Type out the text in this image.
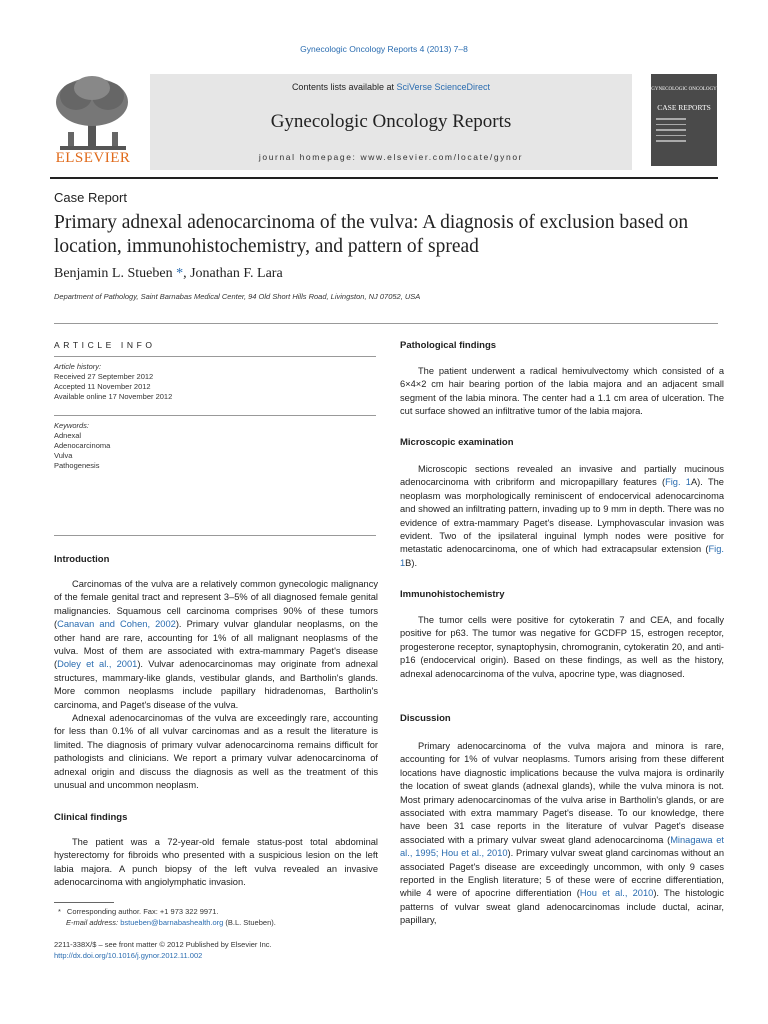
Gynecologic Oncology Reports 4 (2013) 7–8
ELSEVIER
Contents lists available at SciVerse ScienceDirect
Gynecologic Oncology Reports
journal homepage: www.elsevier.com/locate/gynor
GYNECOLOGIC ONCOLOGY
CASE REPORTS
Case Report
Primary adnexal adenocarcinoma of the vulva: A diagnosis of exclusion based on location, immunohistochemistry, and pattern of spread
Benjamin L. Stueben *, Jonathan F. Lara
Department of Pathology, Saint Barnabas Medical Center, 94 Old Short Hills Road, Livingston, NJ 07052, USA
ARTICLE INFO
Article history:
Received 27 September 2012
Accepted 11 November 2012
Available online 17 November 2012
Keywords:
Adnexal
Adenocarcinoma
Vulva
Pathogenesis
Introduction

Carcinomas of the vulva are a relatively common gynecologic malignancy of the female genital tract and represent 3–5% of all diagnosed female genital malignancies. Squamous cell carcinoma comprises 90% of these tumors (Canavan and Cohen, 2002). Primary vulvar glandular neoplasms, on the other hand are rare, accounting for 1% of all malignant neoplasms of the vulva. Most of them are associated with extra-mammary Paget's disease (Doley et al., 2001). Vulvar adenocarcinomas may originate from adnexal structures, mammary-like glands, vestibular glands, and Bartholin's glands. More common neoplasms include papillary hidradenomas, Bartholin's carcinoma, and Paget's disease of the vulva.

Adnexal adenocarcinomas of the vulva are exceedingly rare, accounting for less than 0.1% of all vulvar carcinomas and as a result the literature is limited. The diagnosis of primary vulvar adenocarcinoma remains difficult for pathologists and clinicians. We report a primary vulvar adenocarcinoma of adnexal origin and discuss the diagnosis as well as the treatment of this unusual and uncommon neoplasm.

Clinical findings

The patient was a 72-year-old female status-post total abdominal hysterectomy for fibroids who presented with a suspicious lesion on the left labia majora. A punch biopsy of the left vulva revealed an invasive adenocarcinoma with angiolymphatic invasion.

* Corresponding author. Fax: +1 973 322 9971.
E-mail address: bstueben@barnabashealth.org (B.L. Stueben).
2211-338X/$ – see front matter © 2012 Published by Elsevier Inc.
http://dx.doi.org/10.1016/j.gynor.2012.11.002
Pathological findings

The patient underwent a radical hemivulvectomy which consisted of a 6×4×2 cm hair bearing portion of the labia majora and an adjacent small segment of the labia minora. The center had a 1.1 cm area of ulceration. The cut surface showed an infiltrative tumor of the labia majora.

Microscopic examination

Microscopic sections revealed an invasive and partially mucinous adenocarcinoma with cribriform and micropapillary features (Fig. 1A). The neoplasm was morphologically reminiscent of endocervical adenocarcinoma and showed an infiltrating pattern, invading up to 9 mm in depth. There was no evidence of extra-mammary Paget's disease. Lymphovascular invasion was evident. Two of the ipsilateral inguinal lymph nodes were positive for metastatic adenocarcinoma, one of which had extracapsular extension (Fig. 1B).

Immunohistochemistry

The tumor cells were positive for cytokeratin 7 and CEA, and focally positive for p63. The tumor was negative for GCDFP 15, estrogen receptor, progesterone receptor, synaptophysin, chromogranin, cytokeratin 20, and anti-p16 (endocervical origin). Based on these findings, as well as the history, adnexal adenocarcinoma of the vulva, apocrine type, was diagnosed.

Discussion

Primary adenocarcinoma of the vulva majora and minora is rare, accounting for 1% of vulvar neoplasms. Tumors arising from these different locations have diagnostic implications because the vulva majora is ordinarily the location of sweat glands (adnexal glands), while the vulva minora is not. Most primary adenocarcinomas of the vulva arise in Bartholin's glands, or are associated with extra mammary Paget's disease. To our knowledge, there have been 31 case reports in the literature of vulvar Paget's disease associated with a primary vulvar sweat gland adenocarcinoma (Minagawa et al., 1995; Hou et al., 2010). Primary vulvar sweat gland carcinomas without an associated Paget's disease are exceedingly uncommon, with only 9 cases reported in the English literature; 5 of these were of eccrine differentiation, while 4 were of apocrine differentiation (Hou et al., 2010). The histologic patterns of vulvar sweat gland adenocarcinomas include ductal, acinar, papillary,
